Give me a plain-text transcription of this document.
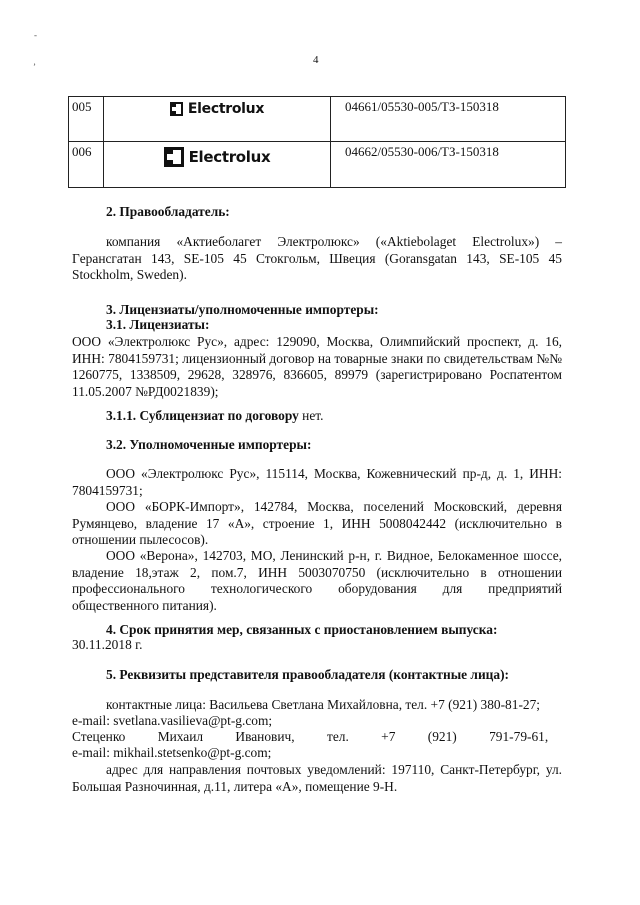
-
ʼ
4
005	Electrolux	04661/05530-005/ТЗ-150318
006	Electrolux	04662/05530-006/ТЗ-150318

2. Правообладатель:

компания «Актиеболагет Электролюкс» («Aktiebolaget Electrolux») – Гeрансгатан 143, SE-105 45 Стокгольм, Швеция (Goransgatan 143, SE-105 45 Stockholm, Sweden).

3. Лицензиаты/уполномоченные импортеры:

3.1. Лицензиаты:

ООО «Электролюкс Рус», адрес: 129090, Москва, Олимпийский проспект, д. 16, ИНН: 7804159731; лицензионный договор на товарные знаки по свидетельствам №№ 1260775, 1338509, 29628, 328976, 836605, 89979 (зарегистрировано Роспатентом 11.05.2007 №РД0021839);

3.1.1. Сублицензиат по договору нет.

3.2. Уполномоченные импортеры:

ООО «Электролюкс Рус», 115114, Москва, Кожевнический пр-д, д. 1, ИНН: 7804159731;

ООО «БОРК-Импорт», 142784, Москва, поселений Московский, деревня Румянцево, владение 17 «А», строение 1, ИНН 5008042442 (исключительно в отношении пылесосов).

ООО «Верона», 142703, МО, Ленинский р-н, г. Видное, Белокаменное шоссе, владение 18,этаж 2, пом.7, ИНН 5003070750 (исключительно в отношении профессионального технологического оборудования для предприятий общественного питания).

4. Срок принятия мер, связанных с приостановлением выпуска:

30.11.2018 г.

5. Реквизиты представителя правообладателя (контактные лица):

контактные лица: Васильева Светлана Михайловна, тел. +7 (921) 380-81-27;

e-mail: svetlana.vasilieva@pt-g.com;

Стеценко Михаил Иванович, тел. +7 (921) 791-79-61,

e-mail: mikhail.stetsenko@pt-g.com;

адрес для направления почтовых уведомлений: 197110, Санкт-Петербург, ул. Большая Разночинная, д.11, литера «А», помещение 9-Н.
